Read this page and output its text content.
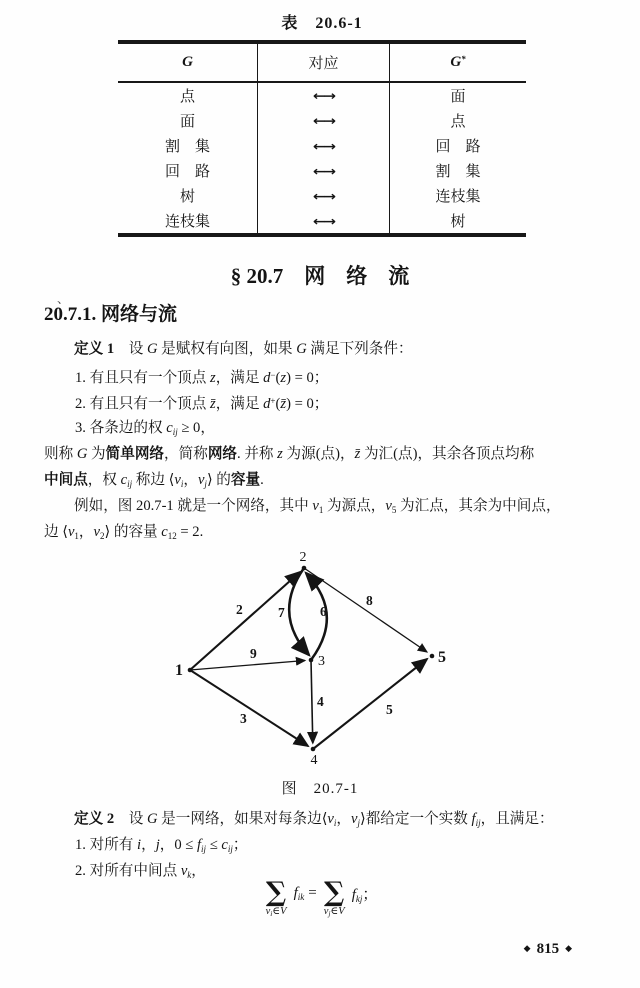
表　20.6-1
G	对应	G*
点	←→	面
面	←→	点
割　集	←→	回　路
回　路	←→	割　集
树	←→	连枝集
连枝集	←→	树
§ 20.7　网　络　流
、
20.7.1. 网络与流
定义 1　设 G 是赋权有向图，如果 G 满足下列条件：
1. 有且只有一个顶点 z，满足 d−(z) = 0；
2. 有且只有一个顶点 z̄，满足 d+(z̄) = 0；
3. 各条边的权 $c_{ij} \ge 0$，
则称 G 为简单网络，简称网络. 并称 z 为源(点)，z̄ 为汇(点)，其余各顶点均称
中间点，权 $c_{ij}$ 称边 $⟨v_i$，$v_j⟩$ 的容量.
例如，图 20.7-1 就是一个网络，其中 $v_1$ 为源点，$v_5$ 为汇点，其余为中间点，
边 $⟨v_1$，$v_2⟩$ 的容量 $c_{12} = 2$.
1
2
3
4
5
2	7	6
8
9
3
4
5
图　20.7-1
定义 2　设 G 是一网络，如果对每条边$⟨v_i$，$v_j⟩$都给定一个实数 $f_{ij}$，且满足：
1. 对所有 i，j，$0 \le f_{ij} \le c_{ij}$；
2. 对所有中间点 $v_k$，
∑
$v_i\in V$
$f_{ik}$ = ∑
$v_j\in V$
$f_{kj}$；
◆ 815 ◆
